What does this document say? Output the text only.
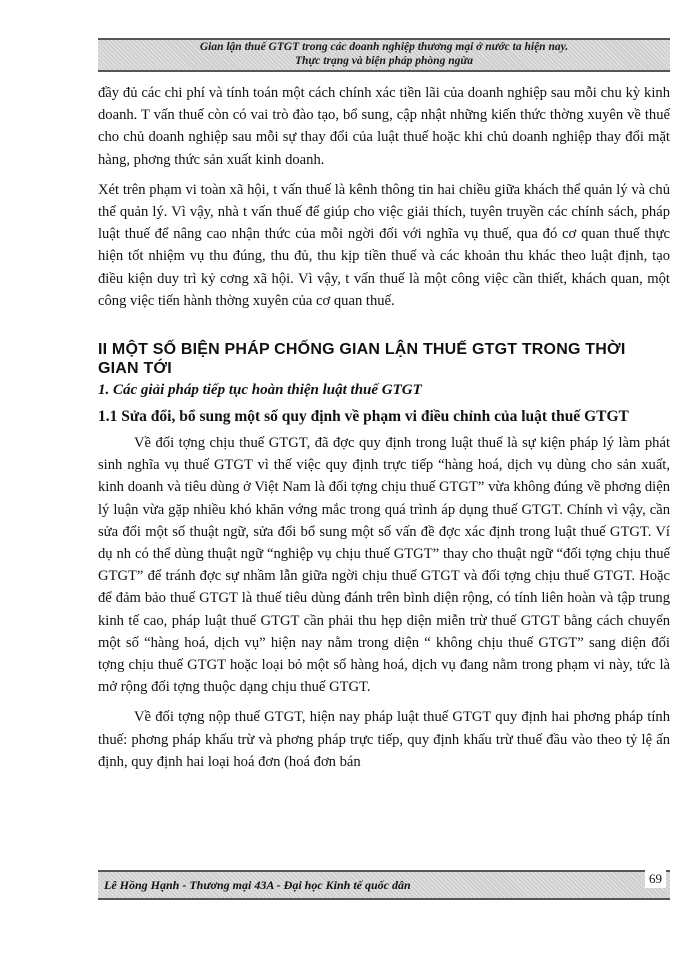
Gian lận thuế GTGT trong các doanh nghiệp thương mại ở nước ta hiện nay.
Thực trạng và biện pháp phòng ngừa

đầy đủ các chi phí và tính toán một cách chính xác tiền lãi của doanh nghiệp sau mỗi chu kỳ kinh doanh. T vấn thuế còn có vai trò đào tạo, bổ sung, cập nhật những kiến thức thờng xuyên về thuế cho chủ doanh nghiệp sau mỗi sự thay đổi của luật thuế hoặc khi chủ doanh nghiệp thay đổi mặt hàng, phơng thức sản xuất kinh doanh.

Xét trên phạm vi toàn xã hội, t vấn thuế là kênh thông tin hai chiều giữa khách thể quản lý và chủ thể quản lý. Vì vậy, nhà t vấn thuế để giúp cho việc giải thích, tuyên truyền các chính sách, pháp luật thuế để nâng cao nhận thức của mỗi ngời đối với nghĩa vụ thuế, qua đó cơ quan thuế thực hiện tốt nhiệm vụ thu đúng, thu đủ, thu kịp tiền thuế và các khoản thu khác theo luật định, tạo điều kiện duy trì kỷ cơng xã hội. Vì vậy, t vấn thuế là một công việc cần thiết, khách quan, một công việc tiến hành thờng xuyên của cơ quan thuế.

II MỘT SỐ BIỆN PHÁP CHỐNG GIAN LẬN THUẾ GTGT TRONG THỜI GIAN TỚI
1. Các giải pháp tiếp tục hoàn thiện luật thuế GTGT
1.1 Sửa đổi, bổ sung một số quy định về phạm vi điều chỉnh của luật thuế GTGT

Về đối tợng chịu thuế GTGT, đã đợc quy định trong luật thuế là sự kiện pháp lý làm phát sinh nghĩa vụ thuế GTGT vì thế việc quy định trực tiếp “hàng hoá, dịch vụ dùng cho sản xuất, kinh doanh và tiêu dùng ở Việt Nam là đối tợng chịu thuế GTGT” vừa không đúng về phơng diện lý luận vừa gặp nhiều khó khăn vớng mắc trong quá trình áp dụng thuế GTGT. Chính vì vậy, cần sửa đổi một số thuật ngữ, sửa đổi bổ sung một số vấn đề đợc xác định trong luật thuế GTGT. Ví dụ nh có thể dùng thuật ngữ “nghiệp vụ chịu thuế GTGT” thay cho thuật ngữ “đối tợng chịu thuế GTGT” để tránh đợc sự nhầm lẫn giữa ngời chịu thuế GTGT và đối tợng chịu thuế GTGT. Hoặc để đảm bảo thuế GTGT là thuế tiêu dùng đánh trên bình diện rộng, có tính liên hoàn và tập trung kinh tế cao, pháp luật thuế GTGT cần phải thu hẹp diện miễn trừ thuế GTGT bằng cách chuyển một số “hàng hoá, dịch vụ” hiện nay nằm trong diện “ không chịu thuế GTGT” sang diện đối tợng chịu thuế GTGT hoặc loại bỏ một số hàng hoá, dịch vụ đang nằm trong phạm vi này, tức là mở rộng đối tợng thuộc dạng chịu thuế GTGT.

Về đối tợng nộp thuế GTGT, hiện nay pháp luật thuế GTGT quy định hai phơng pháp tính thuế: phơng pháp khấu trừ và phơng pháp trực tiếp, quy định khấu trừ thuế đầu vào theo tỷ lệ ấn định, quy định hai loại hoá đơn (hoá đơn bán

Lê Hồng Hạnh - Thương mại 43A - Đại học Kinh tế quốc dân	69
